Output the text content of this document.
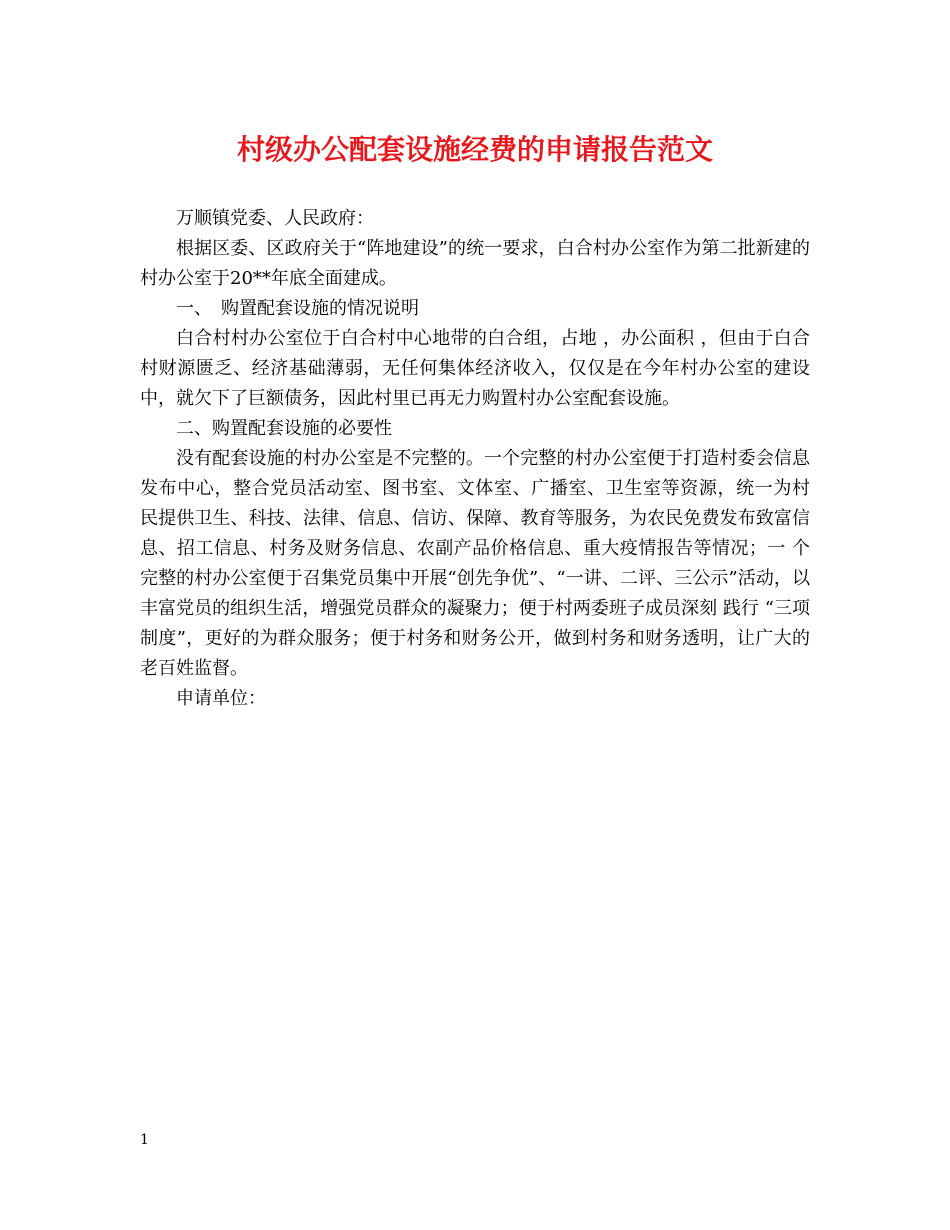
村级办公配套设施经费的申请报告范文

万顺镇党委、人民政府：

根据区委、区政府关于“阵地建设”的统一要求，白合村办公室作为第二批新建的村办公室于20**年底全面建成。

一、　购置配套设施的情况说明

白合村村办公室位于白合村中心地带的白合组，占地 ，办公面积 ，但由于白合村财源匮乏、经济基础薄弱，无任何集体经济收入，仅仅是在今年村办公室的建设中，就欠下了巨额债务，因此村里已再无力购置村办公室配套设施。

二、购置配套设施的必要性

没有配套设施的村办公室是不完整的。一个完整的村办公室便于打造村委会信息发布中心，整合党员活动室、图书室、文体室、广播室、卫生室等资源，统一为村 民提供卫生、科技、法律、信息、信访、保障、教育等服务，为农民免费发布致富信息、招工信息、村务及财务信息、农副产品价格信息、重大疫情报告等情况；一 个完整的村办公室便于召集党员集中开展“创先争优”、“一讲、二评、三公示”活动，以丰富党员的组织生活，增强党员群众的凝聚力；便于村两委班子成员深刻 践行 “三项制度”，更好的为群众服务；便于村务和财务公开，做到村务和财务透明，让广大的老百姓监督。

申请单位：

1
